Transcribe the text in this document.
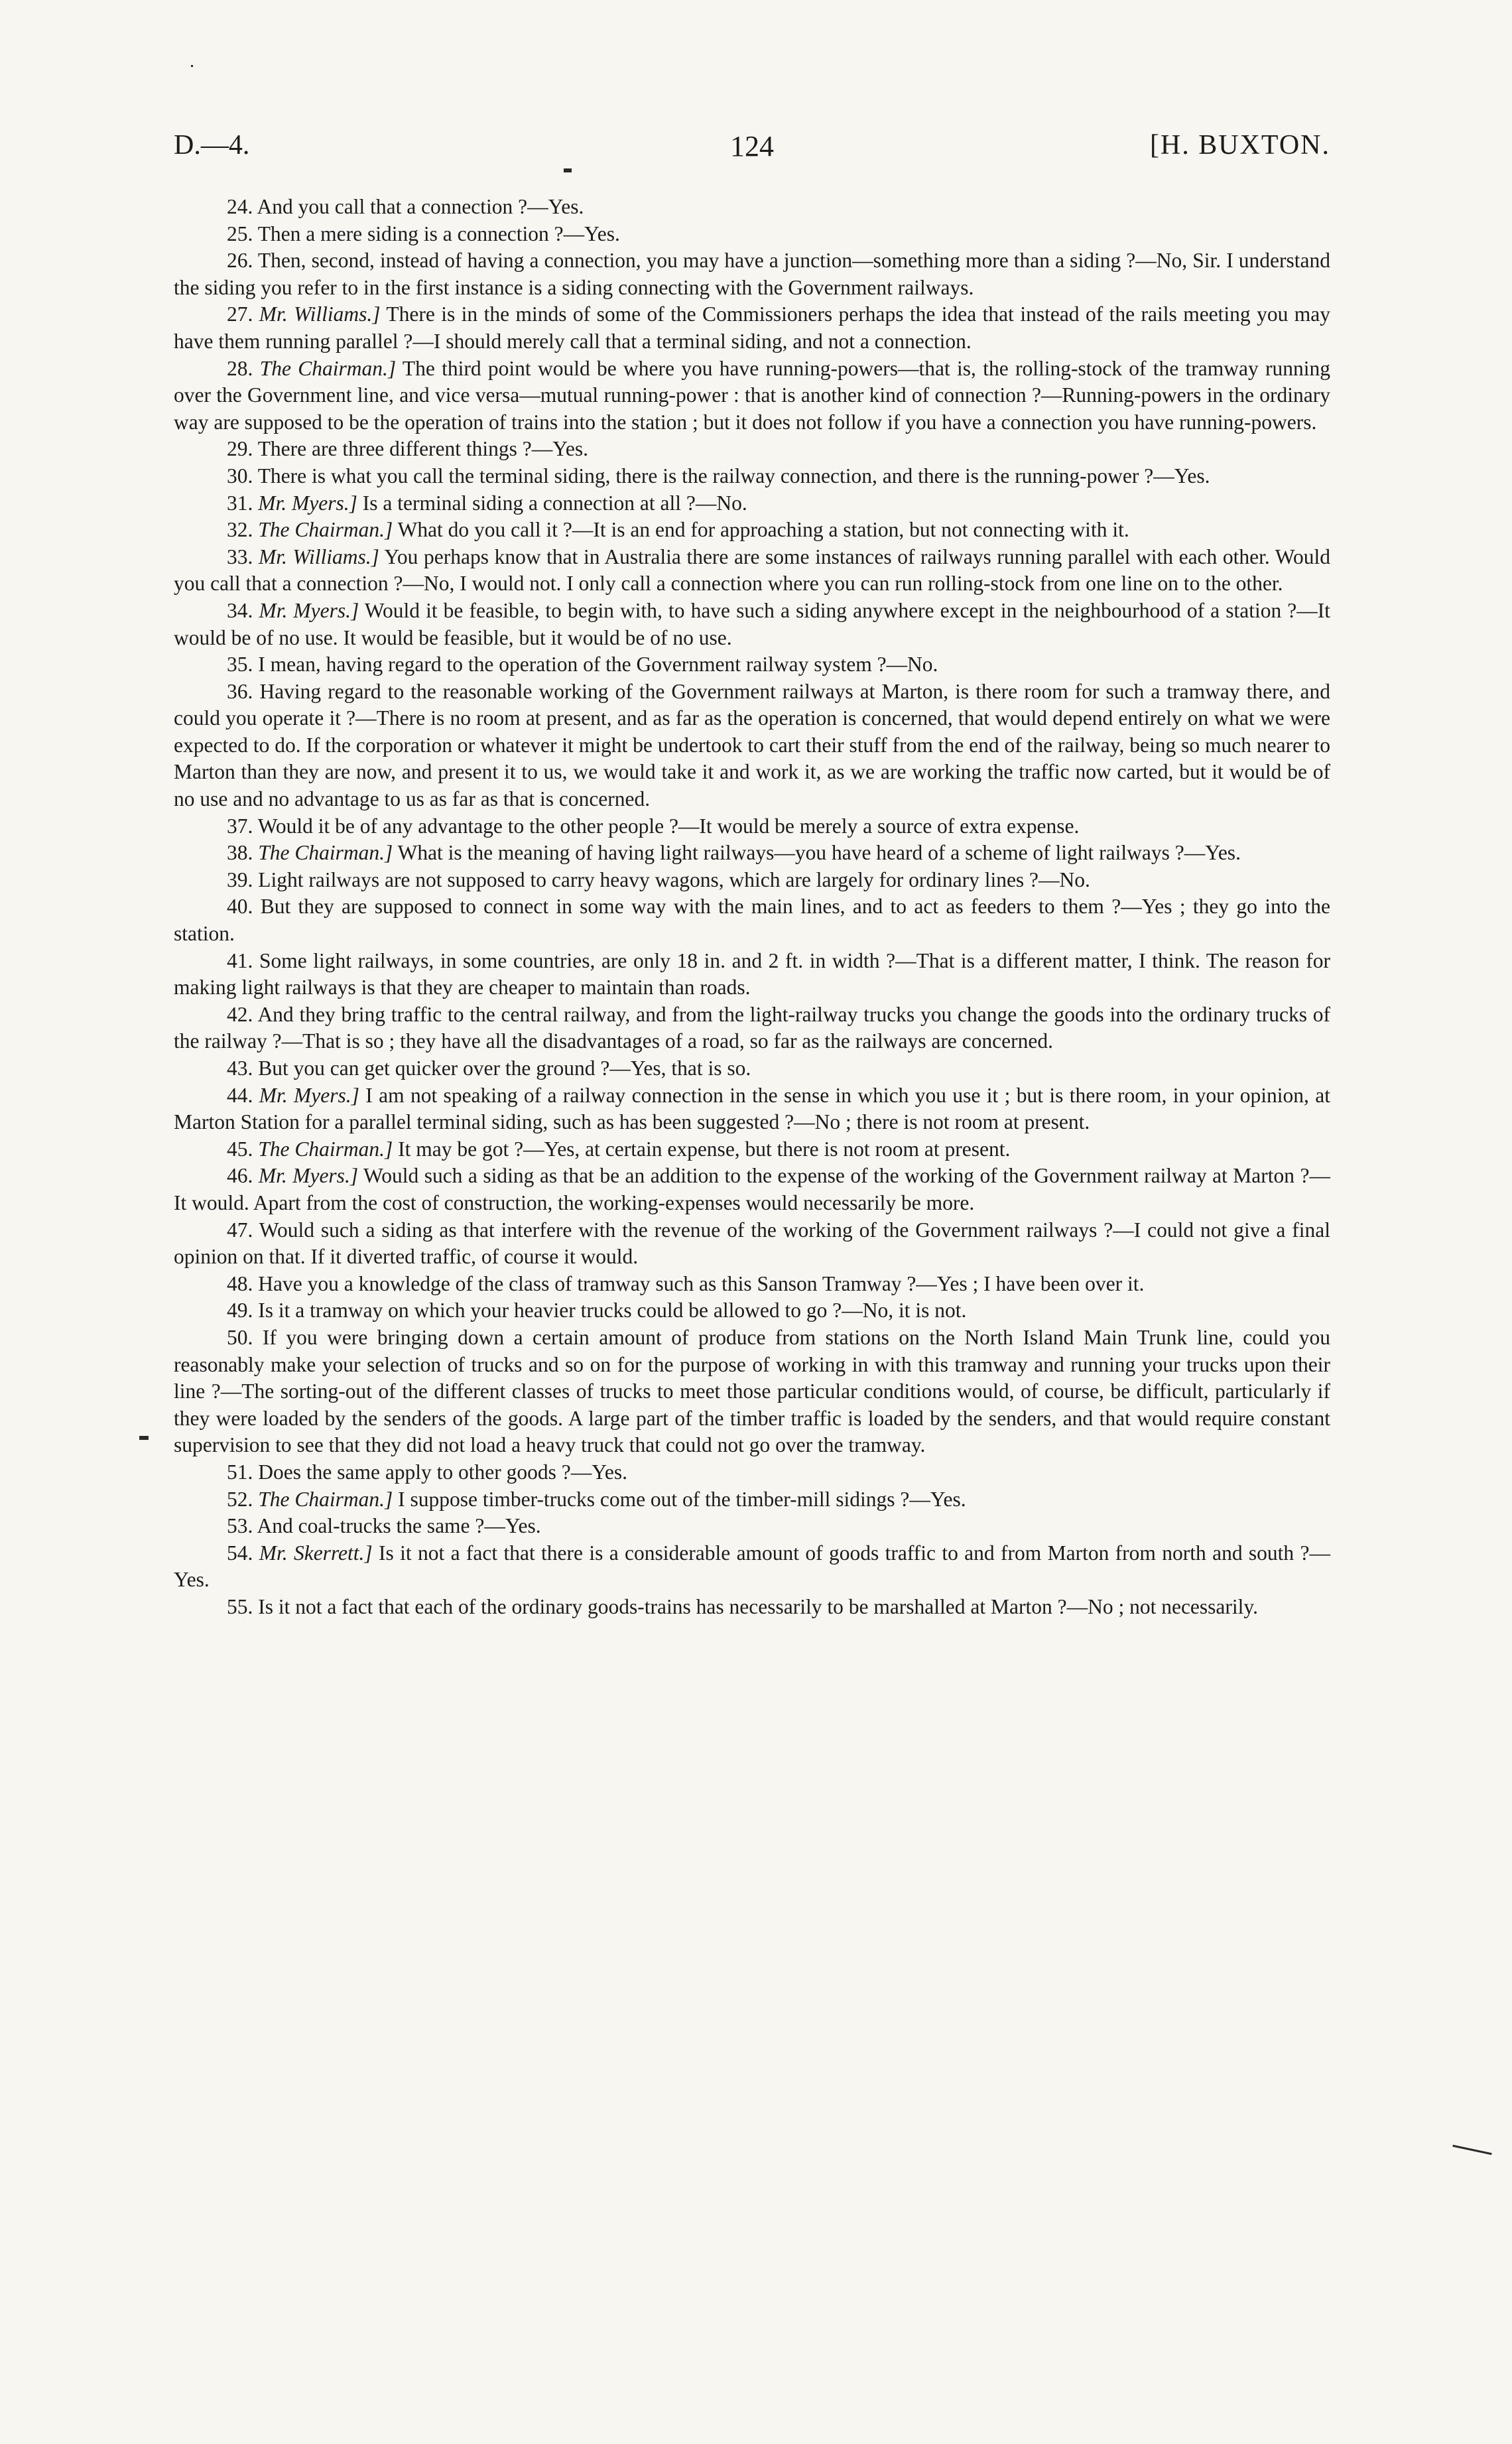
D.—4.	124	[H. BUXTON.

24. And you call that a connection ?—Yes.

25. Then a mere siding is a connection ?—Yes.

26. Then, second, instead of having a connection, you may have a junction—something more than a siding ?—No, Sir. I understand the siding you refer to in the first instance is a siding connecting with the Government railways.

27. Mr. Williams.] There is in the minds of some of the Commissioners perhaps the idea that instead of the rails meeting you may have them running parallel ?—I should merely call that a terminal siding, and not a connection.

28. The Chairman.] The third point would be where you have running-powers—that is, the rolling-stock of the tramway running over the Government line, and vice versa—mutual running-power : that is another kind of connection ?—Running-powers in the ordinary way are supposed to be the operation of trains into the station ; but it does not follow if you have a connection you have running-powers.

29. There are three different things ?—Yes.

30. There is what you call the terminal siding, there is the railway connection, and there is the running-power ?—Yes.

31. Mr. Myers.] Is a terminal siding a connection at all ?—No.

32. The Chairman.] What do you call it ?—It is an end for approaching a station, but not connecting with it.

33. Mr. Williams.] You perhaps know that in Australia there are some instances of railways running parallel with each other. Would you call that a connection ?—No, I would not. I only call a connection where you can run rolling-stock from one line on to the other.

34. Mr. Myers.] Would it be feasible, to begin with, to have such a siding anywhere except in the neighbourhood of a station ?—It would be of no use. It would be feasible, but it would be of no use.

35. I mean, having regard to the operation of the Government railway system ?—No.

36. Having regard to the reasonable working of the Government railways at Marton, is there room for such a tramway there, and could you operate it ?—There is no room at present, and as far as the operation is concerned, that would depend entirely on what we were expected to do. If the corporation or whatever it might be undertook to cart their stuff from the end of the railway, being so much nearer to Marton than they are now, and present it to us, we would take it and work it, as we are working the traffic now carted, but it would be of no use and no advantage to us as far as that is concerned.

37. Would it be of any advantage to the other people ?—It would be merely a source of extra expense.

38. The Chairman.] What is the meaning of having light railways—you have heard of a scheme of light railways ?—Yes.

39. Light railways are not supposed to carry heavy wagons, which are largely for ordinary lines ?—No.

40. But they are supposed to connect in some way with the main lines, and to act as feeders to them ?—Yes ; they go into the station.

41. Some light railways, in some countries, are only 18 in. and 2 ft. in width ?—That is a different matter, I think. The reason for making light railways is that they are cheaper to maintain than roads.

42. And they bring traffic to the central railway, and from the light-railway trucks you change the goods into the ordinary trucks of the railway ?—That is so ; they have all the disadvantages of a road, so far as the railways are concerned.

43. But you can get quicker over the ground ?—Yes, that is so.

44. Mr. Myers.] I am not speaking of a railway connection in the sense in which you use it ; but is there room, in your opinion, at Marton Station for a parallel terminal siding, such as has been suggested ?—No ; there is not room at present.

45. The Chairman.] It may be got ?—Yes, at certain expense, but there is not room at present.

46. Mr. Myers.] Would such a siding as that be an addition to the expense of the working of the Government railway at Marton ?—It would. Apart from the cost of construction, the working-expenses would necessarily be more.

47. Would such a siding as that interfere with the revenue of the working of the Government railways ?—I could not give a final opinion on that. If it diverted traffic, of course it would.

48. Have you a knowledge of the class of tramway such as this Sanson Tramway ?—Yes ; I have been over it.

49. Is it a tramway on which your heavier trucks could be allowed to go ?—No, it is not.

50. If you were bringing down a certain amount of produce from stations on the North Island Main Trunk line, could you reasonably make your selection of trucks and so on for the purpose of working in with this tramway and running your trucks upon their line ?—The sorting-out of the different classes of trucks to meet those particular conditions would, of course, be difficult, particularly if they were loaded by the senders of the goods. A large part of the timber traffic is loaded by the senders, and that would require constant supervision to see that they did not load a heavy truck that could not go over the tramway.

51. Does the same apply to other goods ?—Yes.

52. The Chairman.] I suppose timber-trucks come out of the timber-mill sidings ?—Yes.

53. And coal-trucks the same ?—Yes.

54. Mr. Skerrett.] Is it not a fact that there is a considerable amount of goods traffic to and from Marton from north and south ?—Yes.

55. Is it not a fact that each of the ordinary goods-trains has necessarily to be marshalled at Marton ?—No ; not necessarily.
